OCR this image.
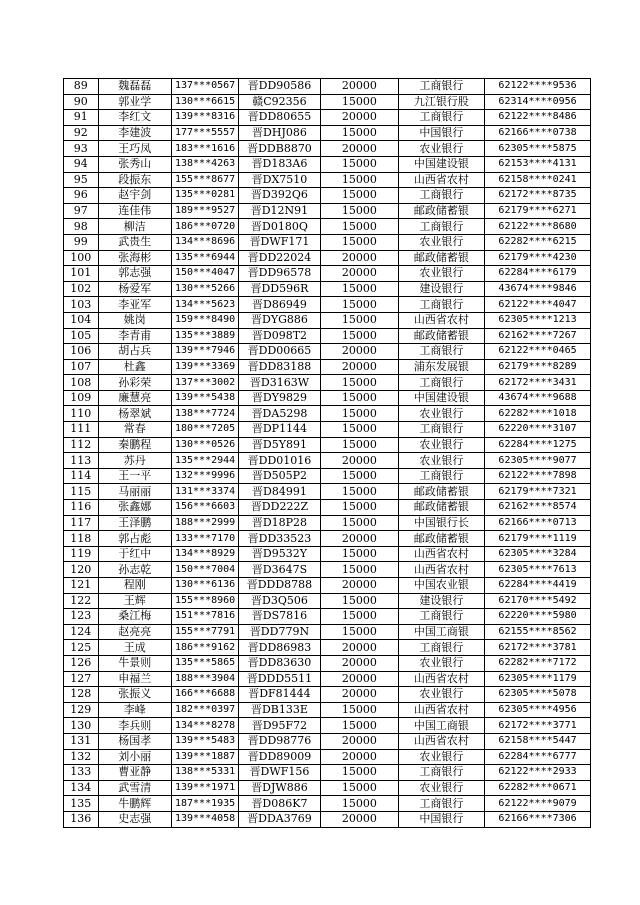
89	魏磊磊	137***0567	晋DD90586	20000	工商银行	62122****9536
90	郭业学	130***6615	赣C92356	15000	九江银行股	62314****0956
91	李红文	139***8316	晋DD80655	20000	工商银行	62122****8486
92	李建波	177***5557	晋DHJ086	15000	中国银行	62166****0738
93	王巧凤	183***1616	晋DDB8870	20000	农业银行	62305****5875
94	张秀山	138***4263	晋D183A6	15000	中国建设银	62153****4131
95	段振东	155***8677	晋DX7510	15000	山西省农村	62158****0241
96	赵宇剑	135***0281	晋D392Q6	15000	工商银行	62172****8735
97	连佳伟	189***9527	晋D12N91	15000	邮政储蓄银	62179****6271
98	柳洁	186***0720	晋D0180Q	15000	工商银行	62122****8680
99	武贵生	134***8696	晋DWF171	15000	农业银行	62282****6215
100	张海彬	135***6944	晋DD22024	20000	邮政储蓄银	62179****4230
101	郭志强	150***4047	晋DD96578	20000	农业银行	62284****6179
102	杨爱军	130***5266	晋DD596R	15000	建设银行	43674****9846
103	李亚军	134***5623	晋D86949	15000	工商银行	62122****4047
104	姚岗	159***8490	晋DYG886	15000	山西省农村	62305****1213
105	李青甫	135***3889	晋D098T2	15000	邮政储蓄银	62162****7267
106	胡占兵	139***7946	晋DD00665	20000	工商银行	62122****0465
107	杜鑫	139***3369	晋DD83188	20000	浦东发展银	62179****8289
108	孙彩荣	137***3002	晋D3163W	15000	工商银行	62172****3431
109	廉慧亮	139***5438	晋DY9829	15000	中国建设银	43674****9688
110	杨翠斌	138***7724	晋DA5298	15000	农业银行	62282****1018
111	常春	180***7205	晋DP1144	15000	工商银行	62220****3107
112	秦鹏程	130***0526	晋D5Y891	15000	农业银行	62284****1275
113	苏丹	135***2944	晋DD01016	20000	农业银行	62305****9077
114	王一平	132***9996	晋D505P2	15000	工商银行	62122****7898
115	马丽丽	131***3374	晋D84991	15000	邮政储蓄银	62179****7321
116	张鑫娜	156***6603	晋DD222Z	15000	邮政储蓄银	62162****8574
117	王泽鹏	188***2999	晋D18P28	15000	中国银行长	62166****0713
118	郭占彪	133***7170	晋DD33523	20000	邮政储蓄银	62179****1119
119	于红中	134***8929	晋D9532Y	15000	山西省农村	62305****3284
120	孙志乾	150***7004	晋D3647S	15000	山西省农村	62305****7613
121	程刚	130***6136	晋DDD8788	20000	中国农业银	62284****4419
122	王辉	155***8960	晋D3Q506	15000	建设银行	62170****5492
123	桑江梅	151***7816	晋DS7816	15000	工商银行	62220****5980
124	赵亮亮	155***7791	晋DD779N	15000	中国工商银	62155****8562
125	王成	186***9162	晋DD86983	20000	工商银行	62172****3781
126	牛景则	135***5865	晋DD83630	20000	农业银行	62282****7172
127	申福兰	188***3904	晋DDD5511	20000	山西省农村	62305****1179
128	张振义	166***6688	晋DF81444	20000	农业银行	62305****5078
129	李峰	182***0397	晋DB133E	15000	山西省农村	62305****4956
130	李兵则	134***8278	晋D95F72	15000	中国工商银	62172****3771
131	杨国孝	139***5483	晋DD98776	20000	山西省农村	62158****5447
132	刘小丽	139***1887	晋DD89009	20000	农业银行	62284****6777
133	曹亚静	138***5331	晋DWF156	15000	工商银行	62122****2933
134	武雪清	139***1971	晋DJW886	15000	农业银行	62282****0671
135	牛鹏辉	187***1935	晋D086K7	15000	工商银行	62122****9079
136	史志强	139***4058	晋DDA3769	20000	中国银行	62166****7306
